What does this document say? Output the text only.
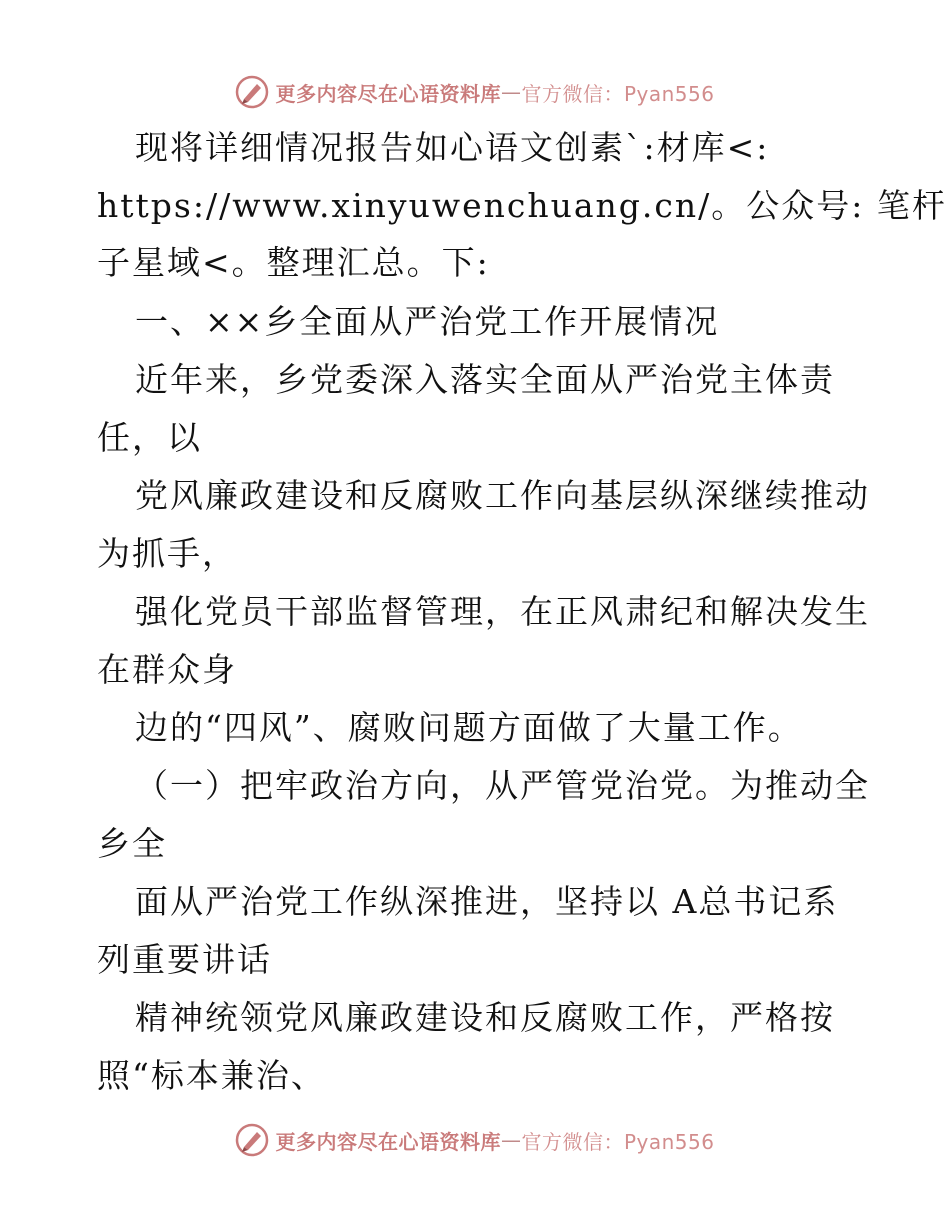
更多内容尽在心语资料库 — 官方微信：Pyan556
现将详细情况报告如心语文创素`:材库<:
https://www.xinyuwenchuang.cn/。公众号: 笔杆
子星域<。整理汇总。下:
一、××乡全面从严治党工作开展情况
近年来，乡党委深入落实全面从严治党主体责
任，以
党风廉政建设和反腐败工作向基层纵深继续推动
为抓手，
强化党员干部监督管理，在正风肃纪和解决发生
在群众身
边的“四风”、腐败问题方面做了大量工作。
（一）把牢政治方向，从严管党治党。为推动全
乡全
面从严治党工作纵深推进，坚持以 A总书记系
列重要讲话
精神统领党风廉政建设和反腐败工作，严格按
照“标本兼治、
更多内容尽在心语资料库 — 官方微信：Pyan556
